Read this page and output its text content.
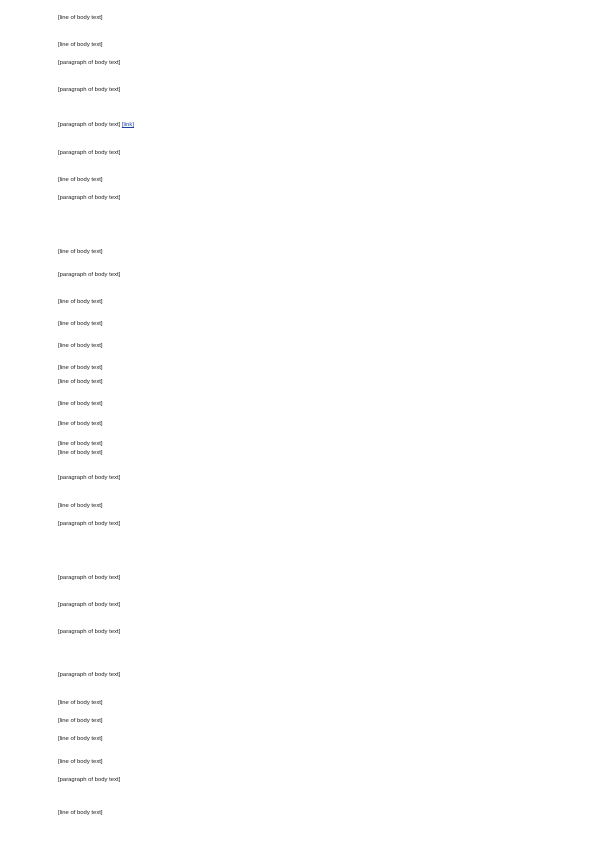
[line of body text]

[line of body text]

[paragraph of body text]

[paragraph of body text]

[paragraph of body text] [link]

[paragraph of body text]

[line of body text]

[paragraph of body text]

[line of body text]

[paragraph of body text]

[line of body text]

[line of body text]

[line of body text]

[line of body text]

[line of body text]

[line of body text]

[line of body text]

[line of body text]

[line of body text]

[paragraph of body text]

[line of body text]

[paragraph of body text]

[paragraph of body text]

[paragraph of body text]

[paragraph of body text]

[paragraph of body text]

[line of body text]

[line of body text]

[line of body text]

[line of body text]

[paragraph of body text]

[line of body text]
